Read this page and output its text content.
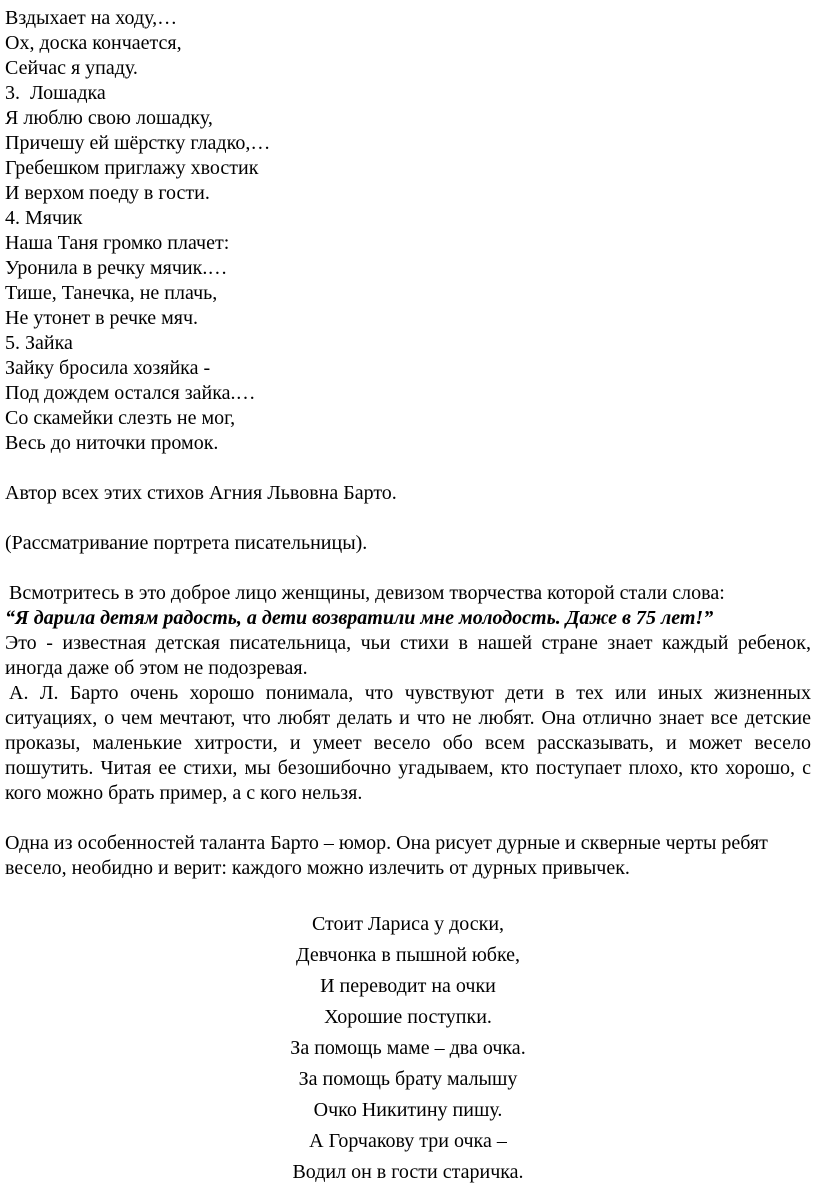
Вздыхает на ходу,…
Ох, доска кончается,
Сейчас я упаду.
3.  Лошадка
Я люблю свою лошадку,
Причешу ей шёрстку гладко,…
Гребешком приглажу хвостик
И верхом поеду в гости.
4. Мячик
Наша Таня громко плачет:
Уронила в речку мячик.…
Тише, Танечка, не плачь,
Не утонет в речке мяч.
5. Зайка
Зайку бросила хозяйка -
Под дождем остался зайка.…
Со скамейки слезть не мог,
Весь до ниточки промок.
Автор всех этих стихов Агния Львовна Барто.
(Рассматривание портрета писательницы).
Всмотритесь в это доброе лицо женщины, девизом творчества которой стали слова:
“Я дарила детям радость, а дети возвратили мне молодость. Даже в 75 лет!”
Это - известная детская писательница, чьи стихи в нашей стране знает каждый ребенок, иногда даже об этом не подозревая.
А. Л. Барто очень хорошо понимала, что чувствуют дети в тех или иных жизненных ситуациях, о чем мечтают, что любят делать и что не любят. Она отлично знает все детские проказы, маленькие хитрости, и умеет весело обо всем рассказывать, и может весело пошутить. Читая ее стихи, мы безошибочно угадываем, кто поступает плохо, кто хорошо, с кого можно брать пример, а с кого нельзя.
Одна из особенностей таланта Барто – юмор. Она рисует дурные и скверные черты ребят весело, необидно и верит: каждого можно излечить от дурных привычек.
Стоит Лариса у доски,
Девчонка в пышной юбке,
И переводит на очки
Хорошие поступки.
За помощь маме – два очка.
За помощь брату малышу
Очко Никитину пишу.
А Горчакову три очка –
Водил он в гости старичка.
